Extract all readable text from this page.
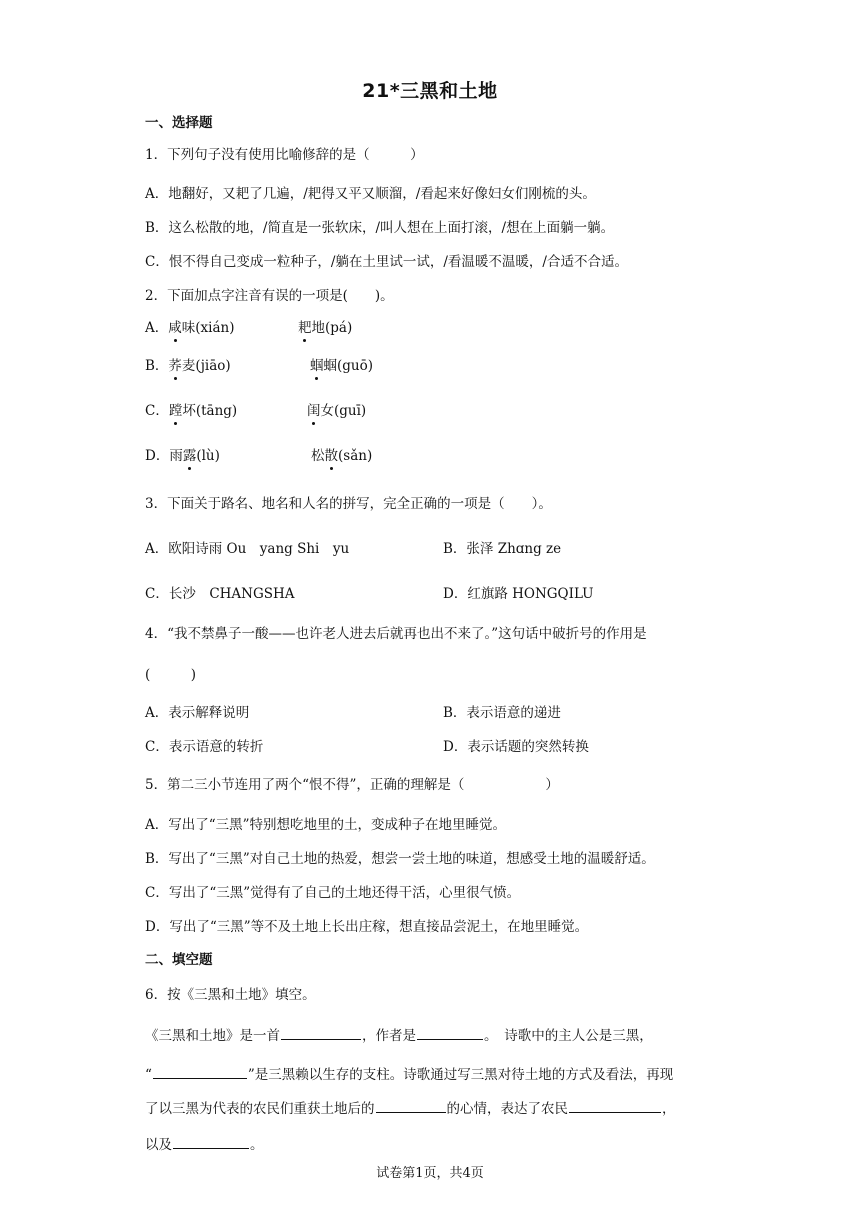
21*三黑和土地
一、选择题
1．下列句子没有使用比喻修辞的是（　　　）
A．地翻好，又耙了几遍，/耙得又平又顺溜，/看起来好像妇女们刚梳的头。
B．这么松散的地，/简直是一张软床，/叫人想在上面打滚，/想在上面躺一躺。
C．恨不得自己变成一粒种子，/躺在土里试一试，/看温暖不温暖，/合适不合适。
2．下面加点字注音有误的一项是(　　)。
A．咸味(xián)	耙地(pá)
B．荞麦(jiāo)	蝈蝈(guō)
C．蹚坏(tāng)	闺女(guī)
D．雨露(lù)	松散(sǎn)
3．下面关于路名、地名和人名的拼写，完全正确的一项是（　　）。
A．欧阳诗雨 Ou　yang Shi　yu	B．张泽 Zhɑng ze
C．长沙　CHANGSHA	D．红旗路 HONGQILU
4．“我不禁鼻子一酸——也许老人进去后就再也出不来了。”这句话中破折号的作用是
(　　　)
A．表示解释说明	B．表示语意的递进
C．表示语意的转折	D．表示话题的突然转换
5．第二三小节连用了两个“恨不得”，正确的理解是（　　　　　　）
A．写出了“三黑”特别想吃地里的土，变成种子在地里睡觉。
B．写出了“三黑”对自己土地的热爱，想尝一尝土地的味道，想感受土地的温暖舒适。
C．写出了“三黑”觉得有了自己的土地还得干活，心里很气愤。
D．写出了“三黑”等不及土地上长出庄稼，想直接品尝泥土，在地里睡觉。
二、填空题
6．按《三黑和土地》填空。
《三黑和土地》是一首	，作者是	。　诗歌中的主人公是三黑，
“	”是三黑赖以生存的支柱。诗歌通过写三黑对待土地的方式及看法，再现
了以三黑为代表的农民们重获土地后的	的心情，表达了农民	，
以及	。
试卷第1页，共4页
